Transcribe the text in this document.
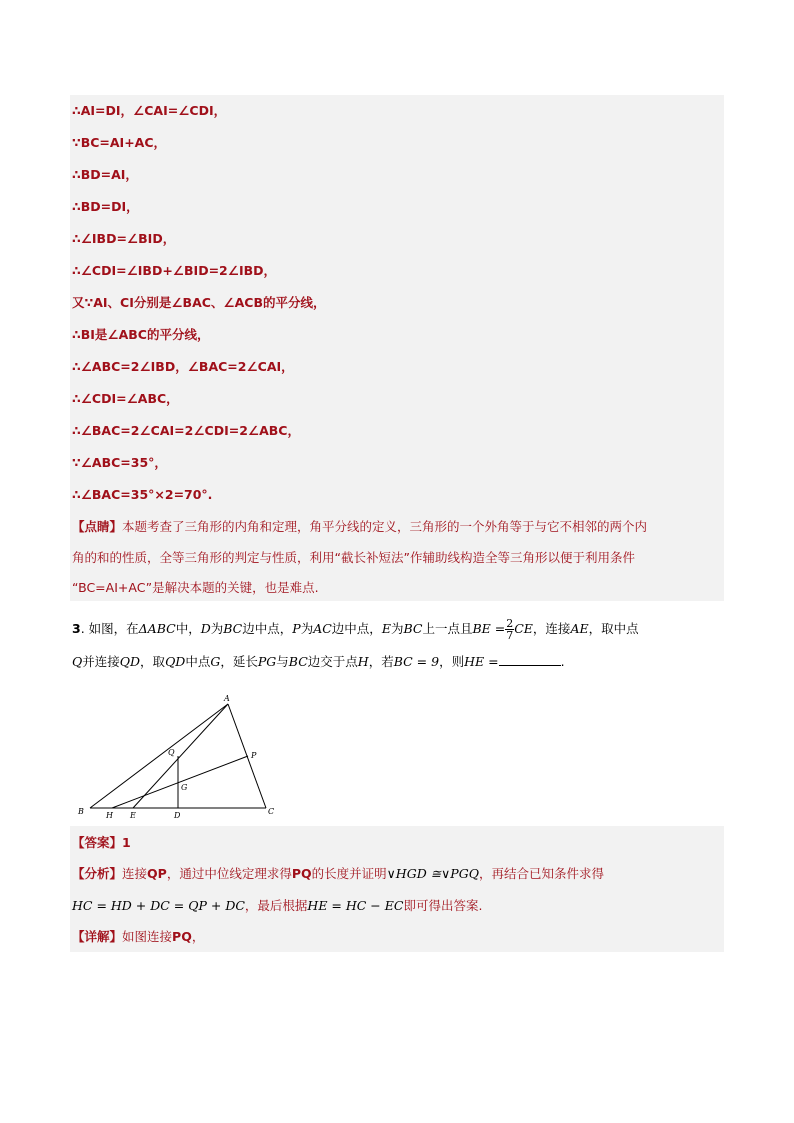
∴AI=DI，∠CAI=∠CDI，
∵BC=AI+AC，
∴BD=AI，
∴BD=DI，
∴∠IBD=∠BID，
∴∠CDI=∠IBD+∠BID=2∠IBD，
又∵AI、CI分别是∠BAC、∠ACB的平分线，
∴BI是∠ABC的平分线，
∴∠ABC=2∠IBD，∠BAC=2∠CAI，
∴∠CDI=∠ABC，
∴∠BAC=2∠CAI=2∠CDI=2∠ABC，
∵∠ABC=35°，
∴∠BAC=35°×2=70°.
【点睛】本题考查了三角形的内角和定理，角平分线的定义，三角形的一个外角等于与它不相邻的两个内
角的和的性质，全等三角形的判定与性质，利用“截长补短法”作辅助线构造全等三角形以便于利用条件
“BC=AI+AC”是解决本题的关键，也是难点.
3. 如图，在ΔABC中，D为BC边中点，P为AC边中点，E为BC上一点且BE = $\frac{2}{7}$ CE，连接AE，取中点
Q并连接QD，取QD中点G，延长PG与BC边交于点H，若BC = 9，则HE =	.
A
B	C
H E	D
P
Q
G
【答案】1
【分析】连接QP，通过中位线定理求得PQ的长度并证明∨HGD ≅∨PGQ，再结合已知条件求得
HC = HD + DC = QP + DC，最后根据HE = HC − EC即可得出答案.
【详解】如图连接PQ，
